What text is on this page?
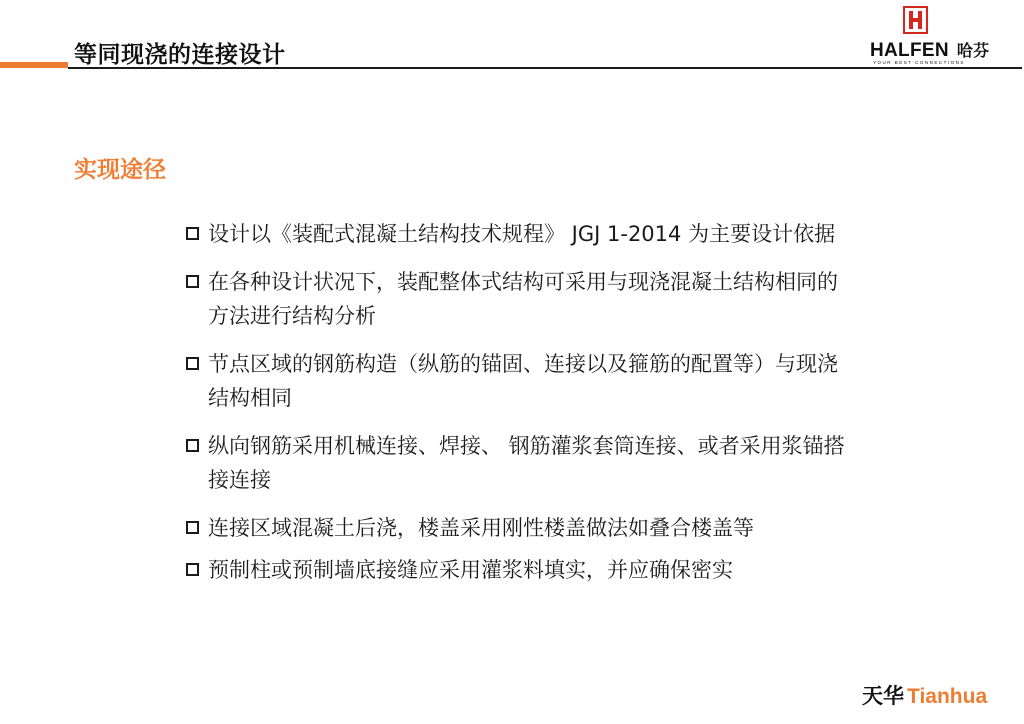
等同现浇的连接设计	HALFEN 哈芬
YOUR BEST CONNECTIONS
实现途径
设计以《装配式混凝土结构技术规程》 JGJ 1-2014 为主要设计依据
在各种设计状况下，装配整体式结构可采用与现浇混凝土结构相同的方法进行结构分析
节点区域的钢筋构造（纵筋的锚固、连接以及箍筋的配置等）与现浇结构相同
纵向钢筋采用机械连接、焊接、 钢筋灌浆套筒连接、或者采用浆锚搭接连接
连接区域混凝土后浇，楼盖采用刚性楼盖做法如叠合楼盖等
预制柱或预制墙底接缝应采用灌浆料填实，并应确保密实
天华 Tianhua
